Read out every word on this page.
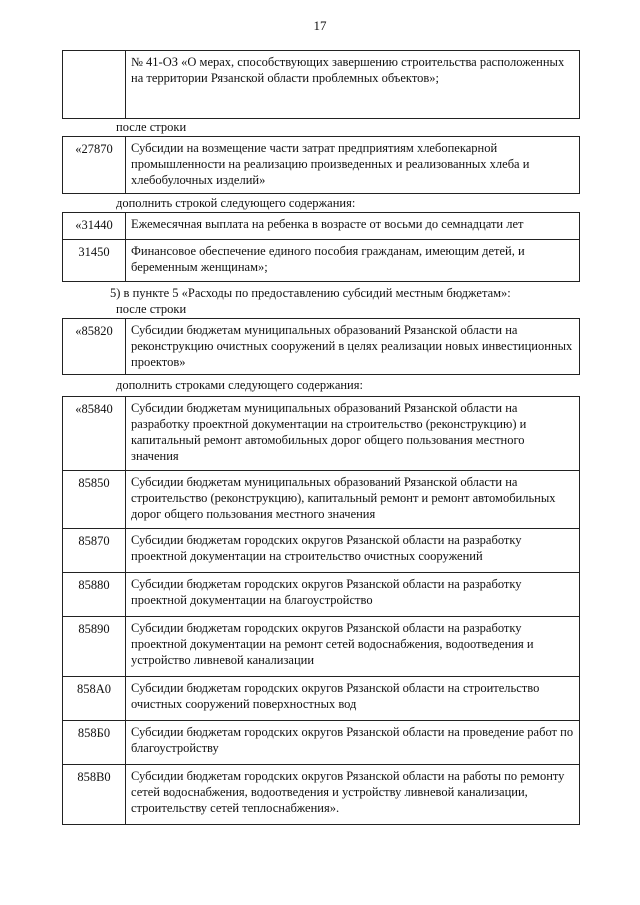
17
	№ 41-ОЗ «О мерах, способствующих завершению строительства расположенных на территории Рязанской области проблемных объектов»;
после строки
«27870	Субсидии на возмещение части затрат предприятиям хлебопекарной промышленности на реализацию произведенных и реализованных хлеба и хлебобулочных изделий»
дополнить строкой следующего содержания:
«31440	Ежемесячная выплата на ребенка в возрасте от восьми до семнадцати лет
31450	Финансовое обеспечение единого пособия гражданам, имеющим детей, и беременным женщинам»;
5) в пункте 5 «Расходы по предоставлению субсидий местным бюджетам»:
после строки
«85820	Субсидии бюджетам муниципальных образований Рязанской области на реконструкцию очистных сооружений в целях реализации новых инвестиционных проектов»
дополнить строками следующего содержания:
«85840	Субсидии бюджетам муниципальных образований Рязанской области на разработку проектной документации на строительство (реконструкцию) и капитальный ремонт автомобильных дорог общего пользования местного значения
85850	Субсидии бюджетам муниципальных образований Рязанской области на строительство (реконструкцию), капитальный ремонт и ремонт автомобильных дорог общего пользования местного значения
85870	Субсидии бюджетам городских округов Рязанской области на разработку проектной документации на строительство очистных сооружений
85880	Субсидии бюджетам городских округов Рязанской области на разработку проектной документации на благоустройство
85890	Субсидии бюджетам городских округов Рязанской области на разработку проектной документации на ремонт сетей водоснабжения, водоотведения и устройство ливневой канализации
858А0	Субсидии бюджетам городских округов Рязанской области на строительство очистных сооружений поверхностных вод
858Б0	Субсидии бюджетам городских округов Рязанской области на проведение работ по благоустройству
858В0	Субсидии бюджетам городских округов Рязанской области на работы по ремонту сетей водоснабжения, водоотведения и устройству ливневой канализации, строительству сетей теплоснабжения».
